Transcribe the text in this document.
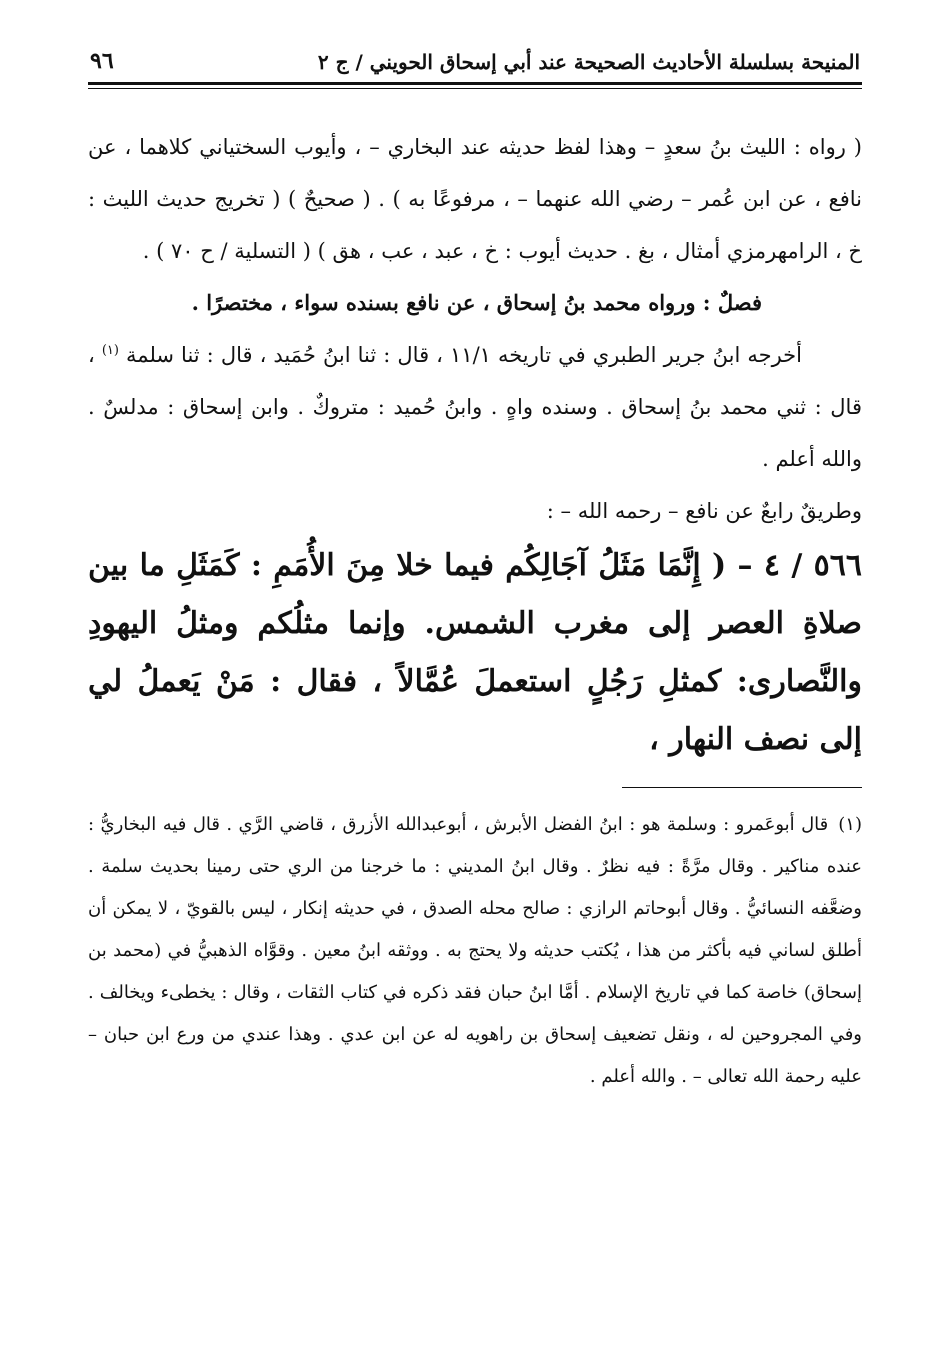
المنيحة بسلسلة الأحاديث الصحيحة عند أبي إسحاق الحويني / ج ٢
٩٦

( رواه : الليث بنُ سعدٍ – وهذا لفظ حديثه عند البخاري – ، وأيوب السختياني كلاهما ، عن نافع ، عن ابن عُمر – رضي الله عنهما – ، مرفوعًا به ) . ( صحيحٌ ) ( تخريج حديث الليث : خ ، الرامهرمزي أمثال ، بغ . حديث أيوب : خ ، عبد ، عب ، هق ) ( التسلية / ح ٧٠ ) .

فصلٌ : ورواه محمد بنُ إسحاق ، عن نافع بسنده سواء ، مختصرًا .

أخرجه ابنُ جرير الطبري في تاريخه ١١/١ ، قال : ثنا ابنُ حُمَيد ، قال : ثنا سلمة $^{(١)}$ ، قال : ثني محمد بنُ إسحاق . وسنده واهٍ . وابنُ حُميد : متروكٌ . وابن إسحاق : مدلسٌ . والله أعلم .

وطريقٌ رابعٌ عن نافع – رحمه الله – :

٥٦٦ / ٤ – ( إِنَّمَا مَثَلُ آجَالِكُم فيما خلا مِنَ الأُمَمِ : كَمَثَلِ ما بين صلاةِ العصر إلى مغرب الشمس. وإنما مثلُكم ومثلُ اليهودِ والنَّصارى: كمثلِ رَجُلٍ استعملَ عُمَّالاً ، فقال : مَنْ يَعملُ لي إلى نصف النهار ،

(١)قال أبوعَمرو : وسلمة هو : ابنُ الفضل الأبرش ، أبوعبدالله الأزرق ، قاضي الرَّي . قال فيه البخاريُّ : عنده مناكير . وقال مرَّةً : فيه نظرٌ . وقال ابنُ المديني : ما خرجنا من الري حتى رمينا بحديث سلمة . وضعَّفه النسائيُّ . وقال أبوحاتم الرازي : صالح محله الصدق ، في حديثه إنكار ، ليس بالقويّ ، لا يمكن أن أطلق لساني فيه بأكثر من هذا ، يُكتب حديثه ولا يحتج به . ووثقه ابنُ معين . وقوَّاه الذهبيُّ في (محمد بن إسحاق) خاصة كما في تاريخ الإسلام . أمَّا ابنُ حبان فقد ذكره في كتاب الثقات ، وقال : يخطىء ويخالف . وفي المجروحين له ، ونقل تضعيف إسحاق بن راهويه له عن ابن عدي . وهذا عندي من ورع ابن حبان – عليه رحمة الله تعالى – . والله أعلم .
